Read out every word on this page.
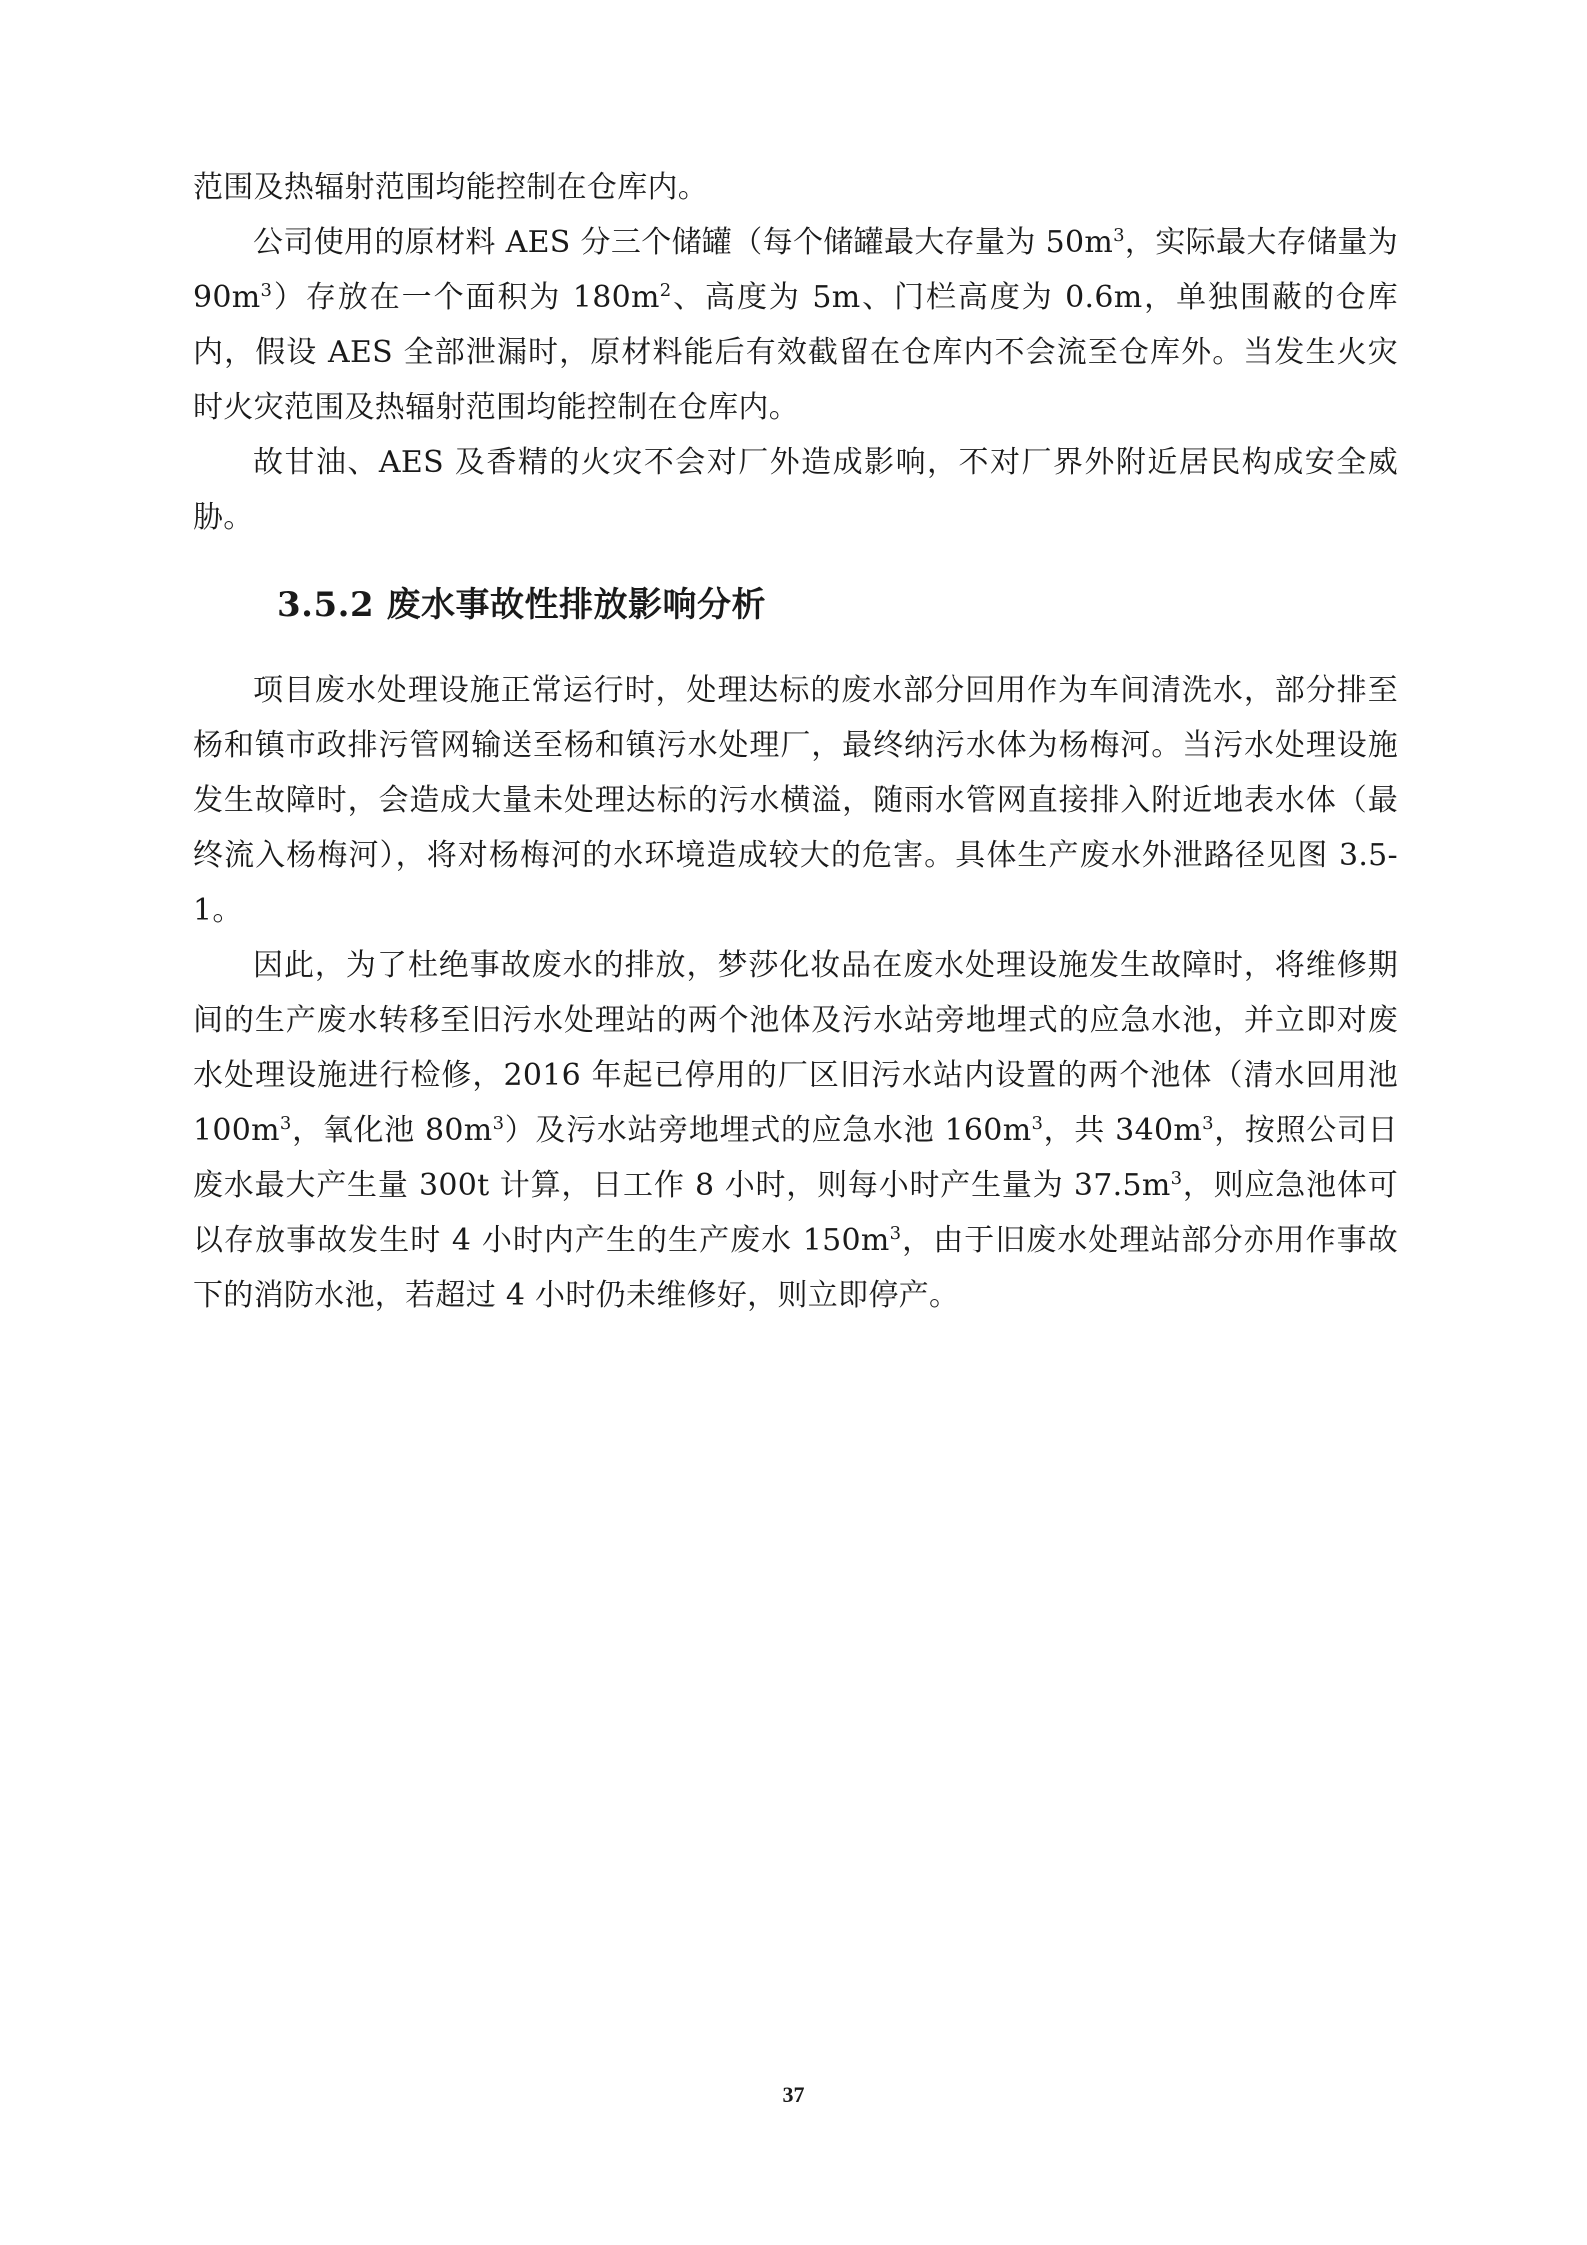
范围及热辐射范围均能控制在仓库内。

公司使用的原材料 AES 分三个储罐（每个储罐最大存量为 $50m^3$，实际最大存储量为 $90m^3$）存放在一个面积为 $180m^2$、高度为 5m、门栏高度为 0.6m，单独围蔽的仓库内，假设 AES 全部泄漏时，原材料能后有效截留在仓库内不会流至仓库外。当发生火灾时火灾范围及热辐射范围均能控制在仓库内。

故甘油、AES 及香精的火灾不会对厂外造成影响，不对厂界外附近居民构成安全威胁。

3.5.2 废水事故性排放影响分析

项目废水处理设施正常运行时，处理达标的废水部分回用作为车间清洗水，部分排至杨和镇市政排污管网输送至杨和镇污水处理厂，最终纳污水体为杨梅河。当污水处理设施发生故障时，会造成大量未处理达标的污水横溢，随雨水管网直接排入附近地表水体（最终流入杨梅河），将对杨梅河的水环境造成较大的危害。具体生产废水外泄路径见图 3.5-1。

因此，为了杜绝事故废水的排放，梦莎化妆品在废水处理设施发生故障时，将维修期间的生产废水转移至旧污水处理站的两个池体及污水站旁地埋式的应急水池，并立即对废水处理设施进行检修，2016 年起已停用的厂区旧污水站内设置的两个池体（清水回用池 $100m^3$，氧化池 $80m^3$）及污水站旁地埋式的应急水池 $160m^3$，共 $340m^3$，按照公司日废水最大产生量 300t 计算，日工作 8 小时，则每小时产生量为 $37.5m^3$，则应急池体可以存放事故发生时 4 小时内产生的生产废水 $150m^3$，由于旧废水处理站部分亦用作事故下的消防水池，若超过 4 小时仍未维修好，则立即停产。

37
